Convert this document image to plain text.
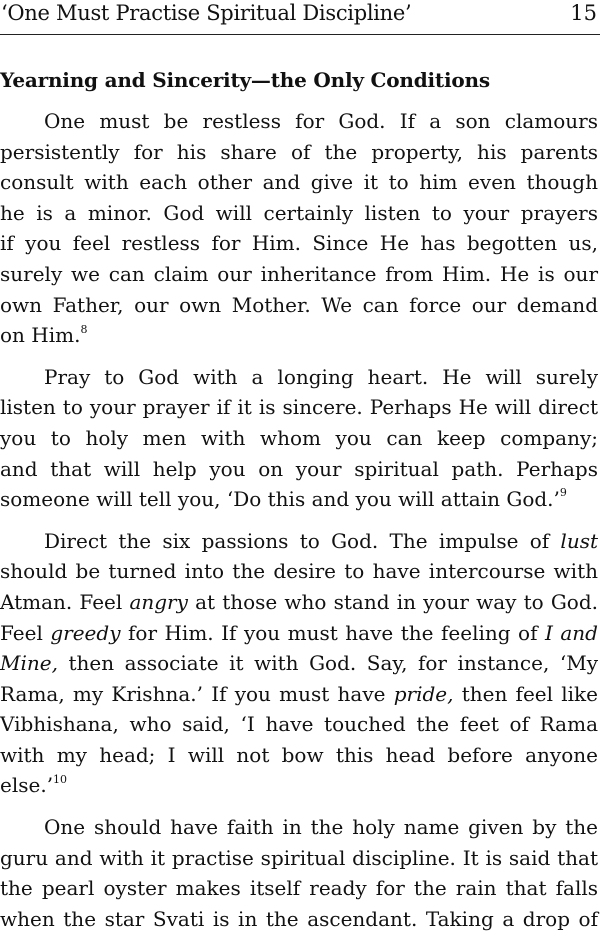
‘One Must Practise Spiritual Discipline’	15
Yearning and Sincerity—the Only Conditions

One must be restless for God. If a son clamours
persistently for his share of the property, his parents
consult with each other and give it to him even though
he is a minor. God will certainly listen to your prayers
if you feel restless for Him. Since He has begotten us,
surely we can claim our inheritance from Him. He is our
own Father, our own Mother. We can force our demand
on Him.$^8$

Pray to God with a longing heart. He will surely
listen to your prayer if it is sincere. Perhaps He will direct
you to holy men with whom you can keep company;
and that will help you on your spiritual path. Perhaps
someone will tell you, ‘Do this and you will attain God.’$^9$

Direct the six passions to God. The impulse of lust
should be turned into the desire to have intercourse with
Atman. Feel angry at those who stand in your way to God.
Feel greedy for Him. If you must have the feeling of I and
Mine, then associate it with God. Say, for instance, ‘My
Rama, my Krishna.’ If you must have pride, then feel like
Vibhishana, who said, ‘I have touched the feet of Rama
with my head; I will not bow this head before anyone
else.’$^{10}$

One should have faith in the holy name given by the
guru and with it practise spiritual discipline. It is said that
the pearl oyster makes itself ready for the rain that falls
when the star Svati is in the ascendant. Taking a drop of
